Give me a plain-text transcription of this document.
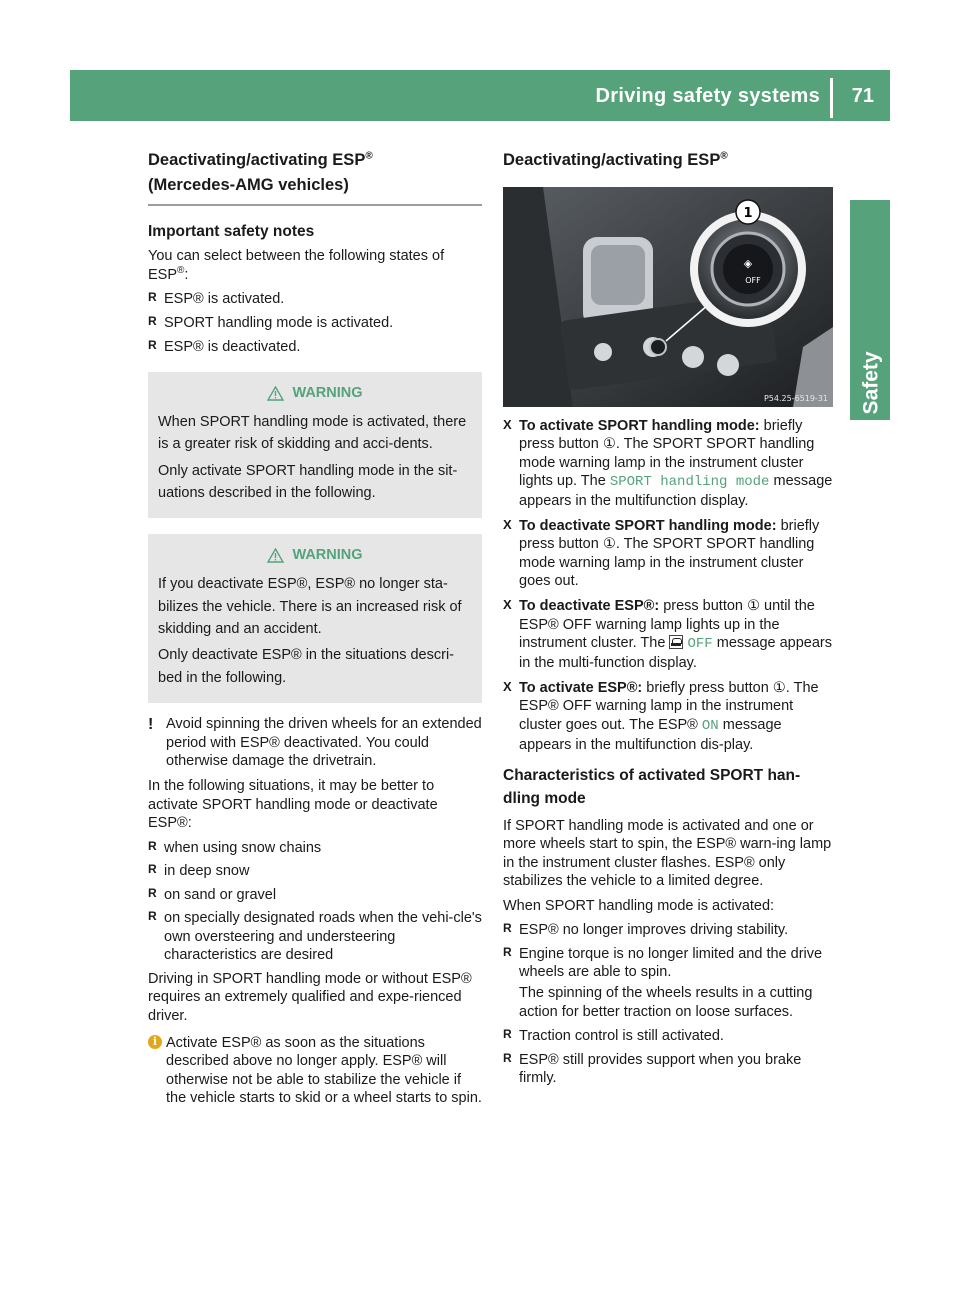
Driving safety systems 71
Safety
Deactivating/activating ESP®
(Mercedes-AMG vehicles)
Important safety notes

You can select between the following states of ESP®:

R ESP® is activated.
R SPORT handling mode is activated.
R ESP® is deactivated.
WARNING

When SPORT handling mode is activated, there is a greater risk of skidding and acci-dents.

Only activate SPORT handling mode in the sit-uations described in the following.

WARNING

If you deactivate ESP®, ESP® no longer sta-bilizes the vehicle. There is an increased risk of skidding and an accident.

Only deactivate ESP® in the situations descri-bed in the following.

! Avoid spinning the driven wheels for an extended period with ESP® deactivated. You could otherwise damage the drivetrain.

In the following situations, it may be better to activate SPORT handling mode or deactivate ESP®:

R when using snow chains
R in deep snow
R on sand or gravel
R on specially designated roads when the vehi-cle's own oversteering and understeering characteristics are desired

Driving in SPORT handling mode or without ESP® requires an extremely qualified and expe-rienced driver.

i Activate ESP® as soon as the situations described above no longer apply. ESP® will otherwise not be able to stabilize the vehicle if the vehicle starts to skid or a wheel starts to spin.
Deactivating/activating ESP®
◈
OFF
1
P54.25-6519-31
X To activate SPORT handling mode: briefly press button ①. The SPORT SPORT handling mode warning lamp in the instrument cluster lights up. The SPORT handling mode message appears in the multifunction display.
X To deactivate SPORT handling mode: briefly press button ①. The SPORT SPORT handling mode warning lamp in the instrument cluster goes out.
X To deactivate ESP®: press button ① until the ESP® OFF warning lamp lights up in the instrument cluster. The OFF message appears in the multi-function display.
X To activate ESP®: briefly press button ①. The ESP® OFF warning lamp in the instrument cluster goes out. The ESP® ON message appears in the multifunction dis-play.
Characteristics of activated SPORT han-dling mode

If SPORT handling mode is activated and one or more wheels start to spin, the ESP® warn-ing lamp in the instrument cluster flashes. ESP® only stabilizes the vehicle to a limited degree.

When SPORT handling mode is activated:

R ESP® no longer improves driving stability.
R Engine torque is no longer limited and the drive wheels are able to spin.

The spinning of the wheels results in a cutting action for better traction on loose surfaces.

R Traction control is still activated.
R ESP® still provides support when you brake firmly.
